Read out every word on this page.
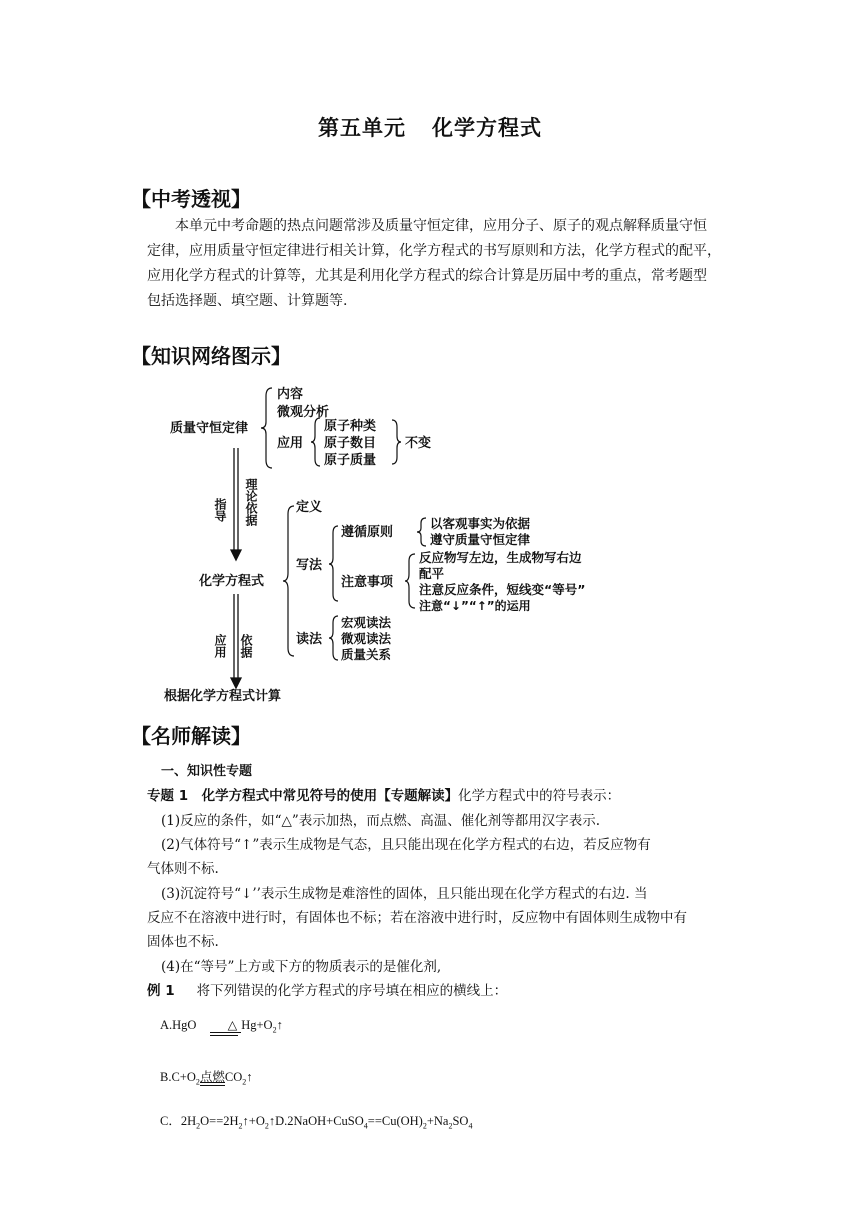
第五单元 化学方程式
【中考透视】
本单元中考命题的热点问题常涉及质量守恒定律，应用分子、原子的观点解释质量守恒
定律，应用质量守恒定律进行相关计算，化学方程式的书写原则和方法，化学方程式的配平，
应用化学方程式的计算等，尤其是利用化学方程式的综合计算是历届中考的重点，常考题型
包括选择题、填空题、计算题等.
【知识网络图示】
质量守恒定律
内容
微观分析
应用
原子种类
原子数目
原子质量
不变
指导 理论依据
化学方程式
定义
写法
遵循原则
以客观事实为依据
遵守质量守恒定律
注意事项
反应物写左边，生成物写右边
配平
注意反应条件，短线变“等号”
注意“↓”“↑”的运用
读法
宏观读法
微观读法
质量关系
应用 依据
根据化学方程式计算
【名师解读】
一、知识性专题
专题 1　化学方程式中常见符号的使用【专题解读】化学方程式中的符号表示：
(1)反应的条件，如“△”表示加热，而点燃、高温、催化剂等都用汉字表示.
(2)气体符号“↑”表示生成物是气态，且只能出现在化学方程式的右边，若反应物有
气体则不标.
(3)沉淀符号“↓’’表示生成物是难溶性的固体，且只能出现在化学方程式的右边. 当
反应不在溶液中进行时，有固体也不标；若在溶液中进行时，反应物中有固体则生成物中有
固体也不标.
(4)在“等号”上方或下方的物质表示的是催化剂,
例 1 将下列错误的化学方程式的序号填在相应的横线上：
A.HgO △ $Hg+O_2↑$
$B.C+O_2$点燃
$CO_2↑$
C．$2H_2O==2H_2↑+O_2↑D.2NaOH+CuSO_4==Cu(OH)_2+Na_2SO_4$
